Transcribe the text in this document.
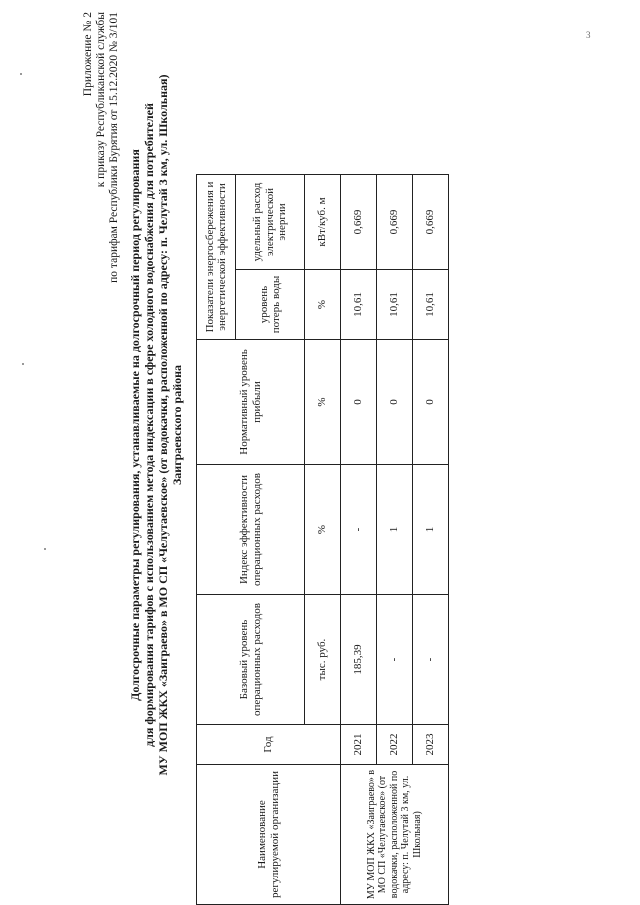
3
Приложение № 2 к приказу Республиканской службы по тарифам Республики Бурятия от 15.12.2020 № 3/101
Долгосрочные параметры регулирования, устанавливаемые на долгосрочный период регулирования для формирования тарифов с использованием метода индексации в сфере холодного водоснабжения для потребителей МУ МОП ЖКХ «Заиграево» в МО СП «Челутаевское» (от водокачки, расположенной по адресу: п. Челутай 3 км, ул. Школьная) Заиграевского района
Наименование регулируемой организации	Год	Базовый уровень операционных расходов	Индекс эффективности операционных расходов	Нормативный уровень прибыли	Показатели энергосбережения и энергетической эффективности	
					уровень потерь воды	удельный расход электрической энергии
		тыс. руб.	%	%	%	кВт/куб. м
МУ МОП ЖКХ «Заиграево» в МО СП «Челутаевское» (от водокачки, расположенной по адресу: п. Челутай 3 км, ул. Школьная)	2021	185,39	-	0	10,61	0,669
	2022	-	1	0	10,61	0,669
	2023	-	1	0	10,61	0,669
